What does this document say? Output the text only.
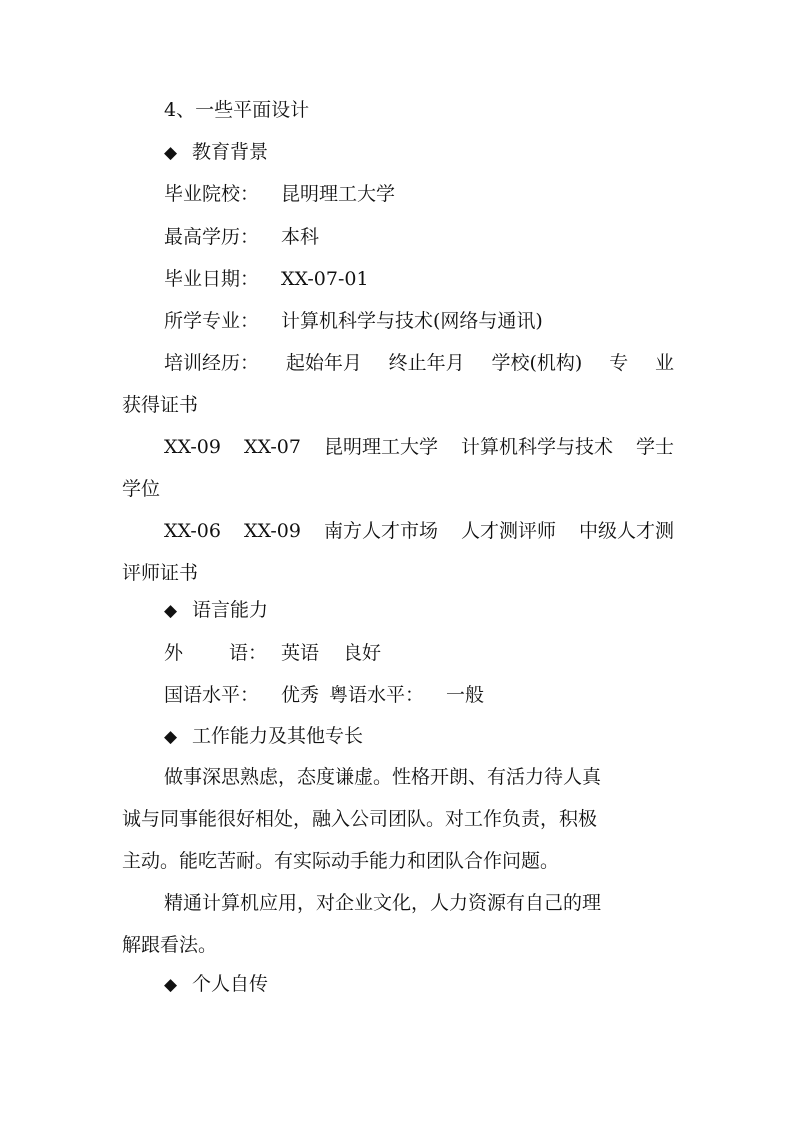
4、一些平面设计
◆ 教育背景
毕业院校： 昆明理工大学
最高学历： 本科
毕业日期： XX-07-01
所学专业： 计算机科学与技术(网络与通讯)
培训经历： 起始年月 终止年月 学校(机构) 专 业
获得证书
XX-09 XX-07 昆明理工大学 计算机科学与技术 学士
学位
XX-06 XX-09 南方人才市场 人才测评师 中级人才测
评师证书
◆ 语言能力
外 语： 英语 良好
国语水平： 优秀 粤语水平： 一般
◆ 工作能力及其他专长
做事深思熟虑，态度谦虚。性格开朗、有活力待人真
诚与同事能很好相处，融入公司团队。对工作负责，积极
主动。能吃苦耐。有实际动手能力和团队合作问题。
精通计算机应用，对企业文化，人力资源有自己的理
解跟看法。
◆ 个人自传
